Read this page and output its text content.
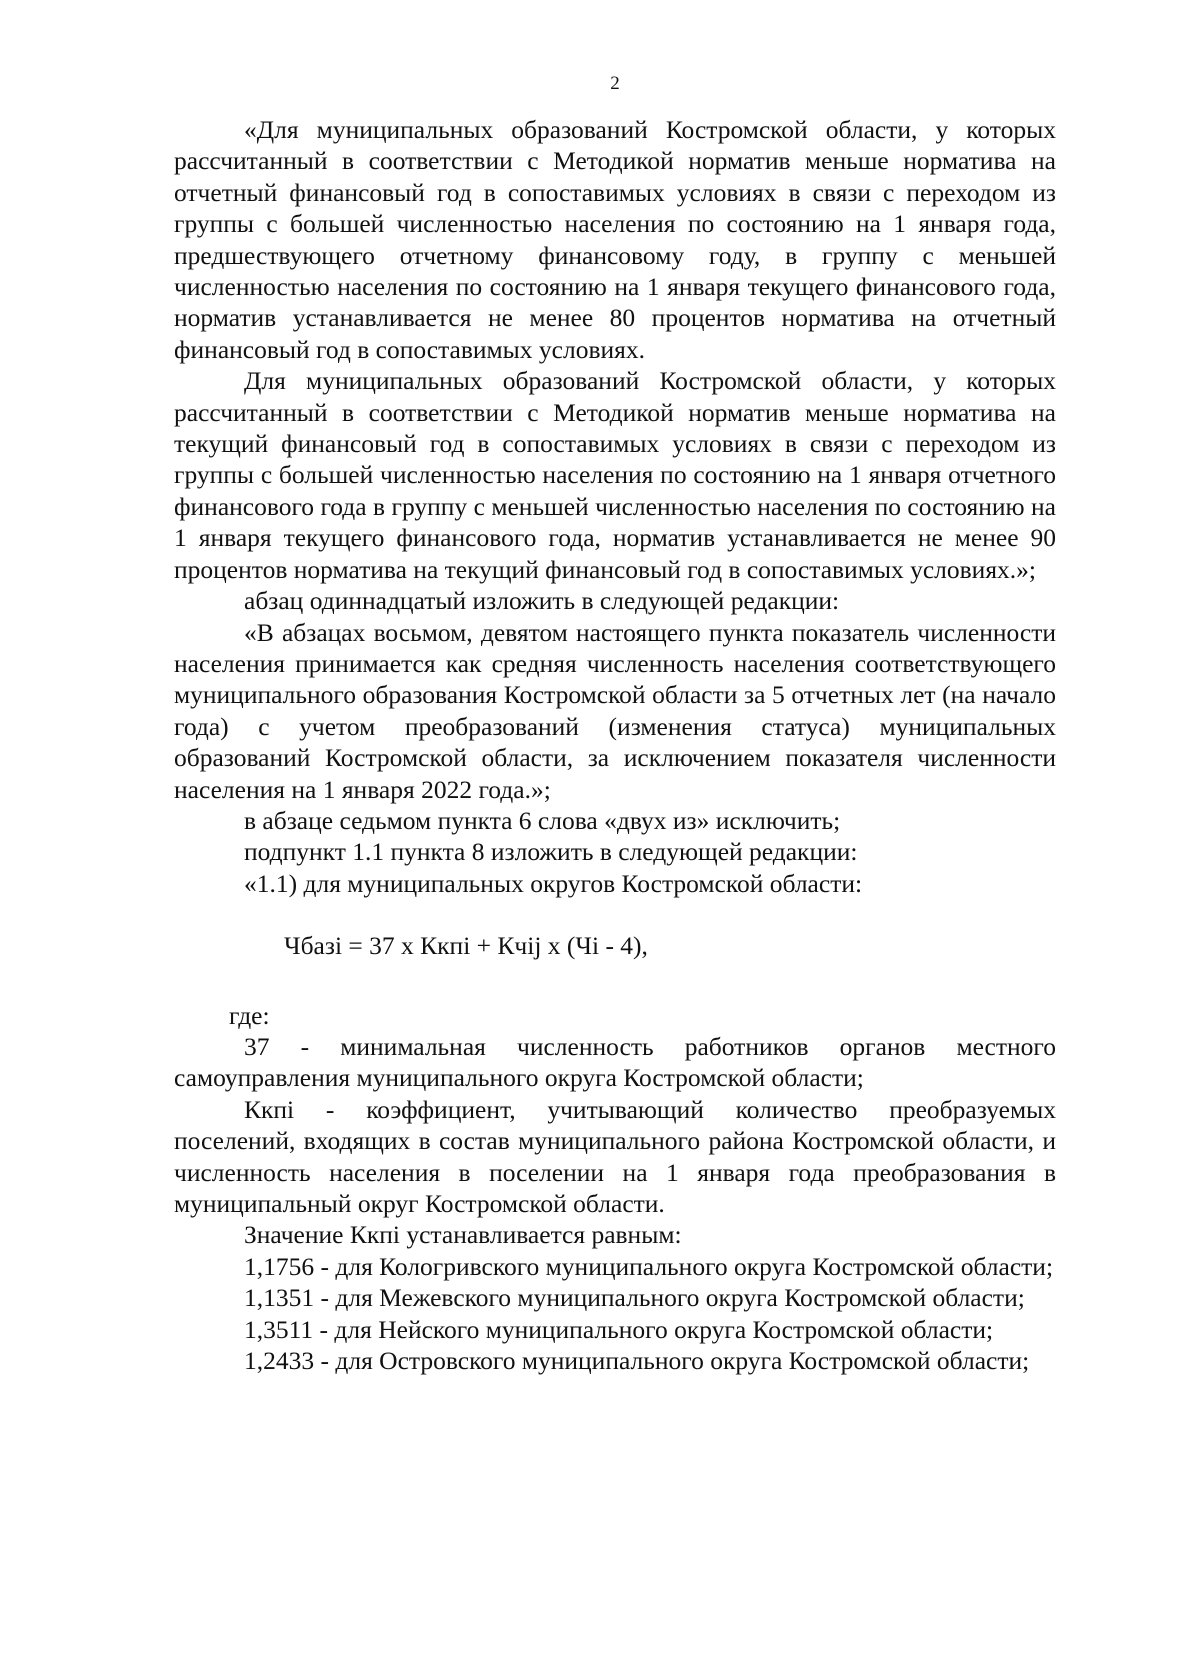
2

«Для муниципальных образований Костромской области, у которых рассчитанный в соответствии с Методикой норматив меньше норматива на отчетный финансовый год в сопоставимых условиях в связи с переходом из группы с большей численностью населения по состоянию на 1 января года, предшествующего отчетному финансовому году, в группу с меньшей численностью населения по состоянию на 1 января текущего финансового года, норматив устанавливается не менее 80 процентов норматива на отчетный финансовый год в сопоставимых условиях.

Для муниципальных образований Костромской области, у которых рассчитанный в соответствии с Методикой норматив меньше норматива на текущий финансовый год в сопоставимых условиях в связи с переходом из группы с большей численностью населения по состоянию на 1 января отчетного финансового года в группу с меньшей численностью населения по состоянию на 1 января текущего финансового года, норматив устанавливается не менее 90 процентов норматива на текущий финансовый год в сопоставимых условиях.»;

абзац одиннадцатый изложить в следующей редакции:

«В абзацах восьмом, девятом настоящего пункта показатель численности населения принимается как средняя численность населения соответствующего муниципального образования Костромской области за 5 отчетных лет (на начало года) с учетом преобразований (изменения статуса) муниципальных образований Костромской области, за исключением показателя численности населения на 1 января 2022 года.»;

в абзаце седьмом пункта 6 слова «двух из» исключить;

подпункт 1.1 пункта 8 изложить в следующей редакции:

«1.1) для муниципальных округов Костромской области:

Чбазi = 37 x Ккпi + Кчij x (Чi - 4),

где:

37 - минимальная численность работников органов местного самоуправления муниципального округа Костромской области;

Ккпi - коэффициент, учитывающий количество преобразуемых поселений, входящих в состав муниципального района Костромской области, и численность населения в поселении на 1 января года преобразования в муниципальный округ Костромской области.

Значение Ккпi устанавливается равным:

1,1756 - для Кологривского муниципального округа Костромской области;

1,1351 - для Межевского муниципального округа Костромской области;

1,3511 - для Нейского муниципального округа Костромской области;

1,2433 - для Островского муниципального округа Костромской области;
